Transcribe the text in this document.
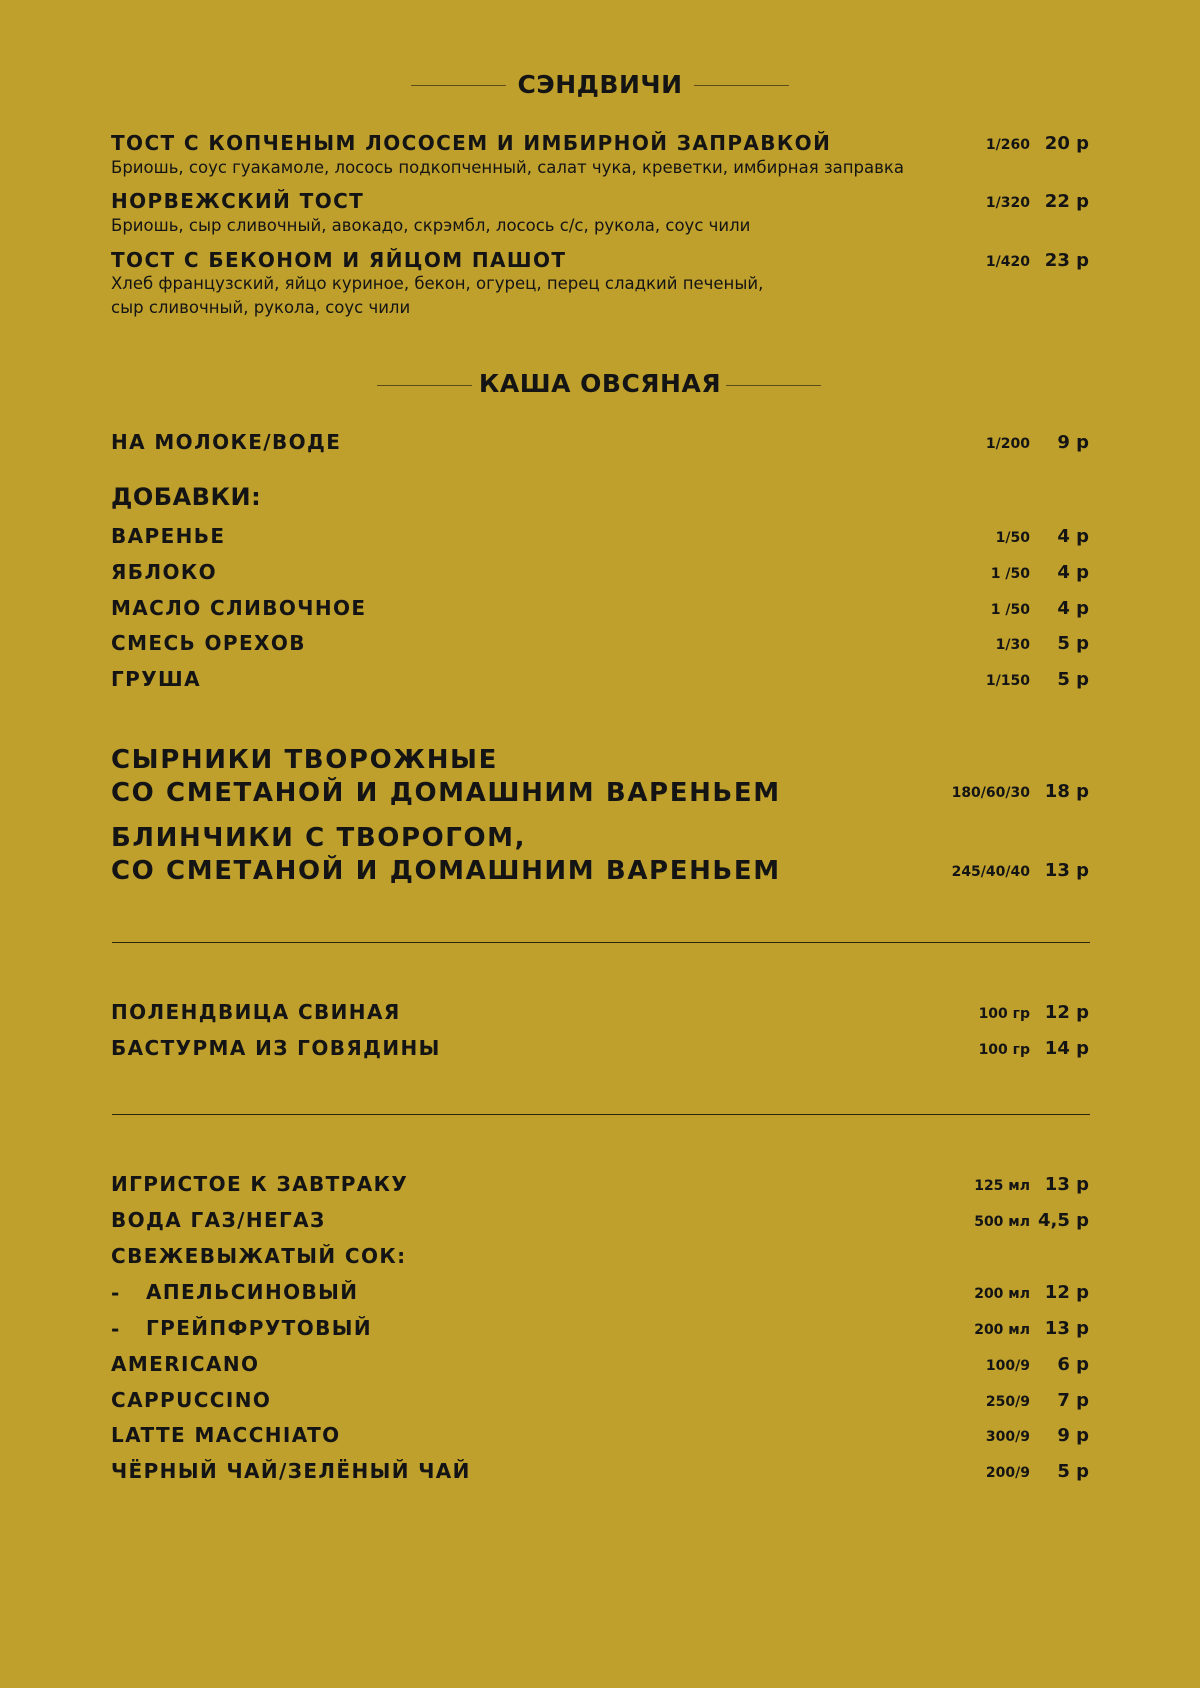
СЭНДВИЧИ
ТОСТ С КОПЧЕНЫМ ЛОСОСЕМ И ИМБИРНОЙ ЗАПРАВКОЙ
Бриошь, соус гуакамоле, лосось подкопченный, салат чука, креветки, имбирная заправка
1/260 20 р
НОРВЕЖСКИЙ ТОСТ
Бриошь, сыр сливочный, авокадо, скрэмбл, лосось с/с, рукола, соус чили
1/320 22 р
ТОСТ С БЕКОНОМ И ЯЙЦОМ ПАШОТ
Хлеб французский, яйцо куриное, бекон, огурец, перец сладкий печеный,
сыр сливочный, рукола, соус чили
1/420 23 р
КАША ОВСЯНАЯ
НА МОЛОКЕ/ВОДЕ	1/200 9 р
ДОБАВКИ:
ВАРЕНЬЕ	1/50 4 р
ЯБЛОКО	1 /50 4 р
МАСЛО СЛИВОЧНОЕ	1 /50 4 р
СМЕСЬ ОРЕХОВ	1/30 5 р
ГРУША	1/150 5 р
СЫРНИКИ ТВОРОЖНЫЕ
СО СМЕТАНОЙ И ДОМАШНИМ ВАРЕНЬЕМ	180/60/30 18 р
БЛИНЧИКИ С ТВОРОГОМ,
СО СМЕТАНОЙ И ДОМАШНИМ ВАРЕНЬЕМ	245/40/40 13 р
ПОЛЕНДВИЦА СВИНАЯ	100 гр 12 р
БАСТУРМА ИЗ ГОВЯДИНЫ	100 гр 14 р
ИГРИСТОЕ К ЗАВТРАКУ	125 мл 13 р
ВОДА ГАЗ/НЕГАЗ	500 мл 4,5 р
СВЕЖЕВЫЖАТЫЙ СОК:
- АПЕЛЬСИНОВЫЙ	200 мл 12 р
- ГРЕЙПФРУТОВЫЙ	200 мл 13 р
AMERICANO	100/9 6 р
CAPPUCCINO	250/9 7 р
LATTE MACCHIATO	300/9 9 р
ЧЁРНЫЙ ЧАЙ/ЗЕЛЁНЫЙ ЧАЙ	200/9 5 р
